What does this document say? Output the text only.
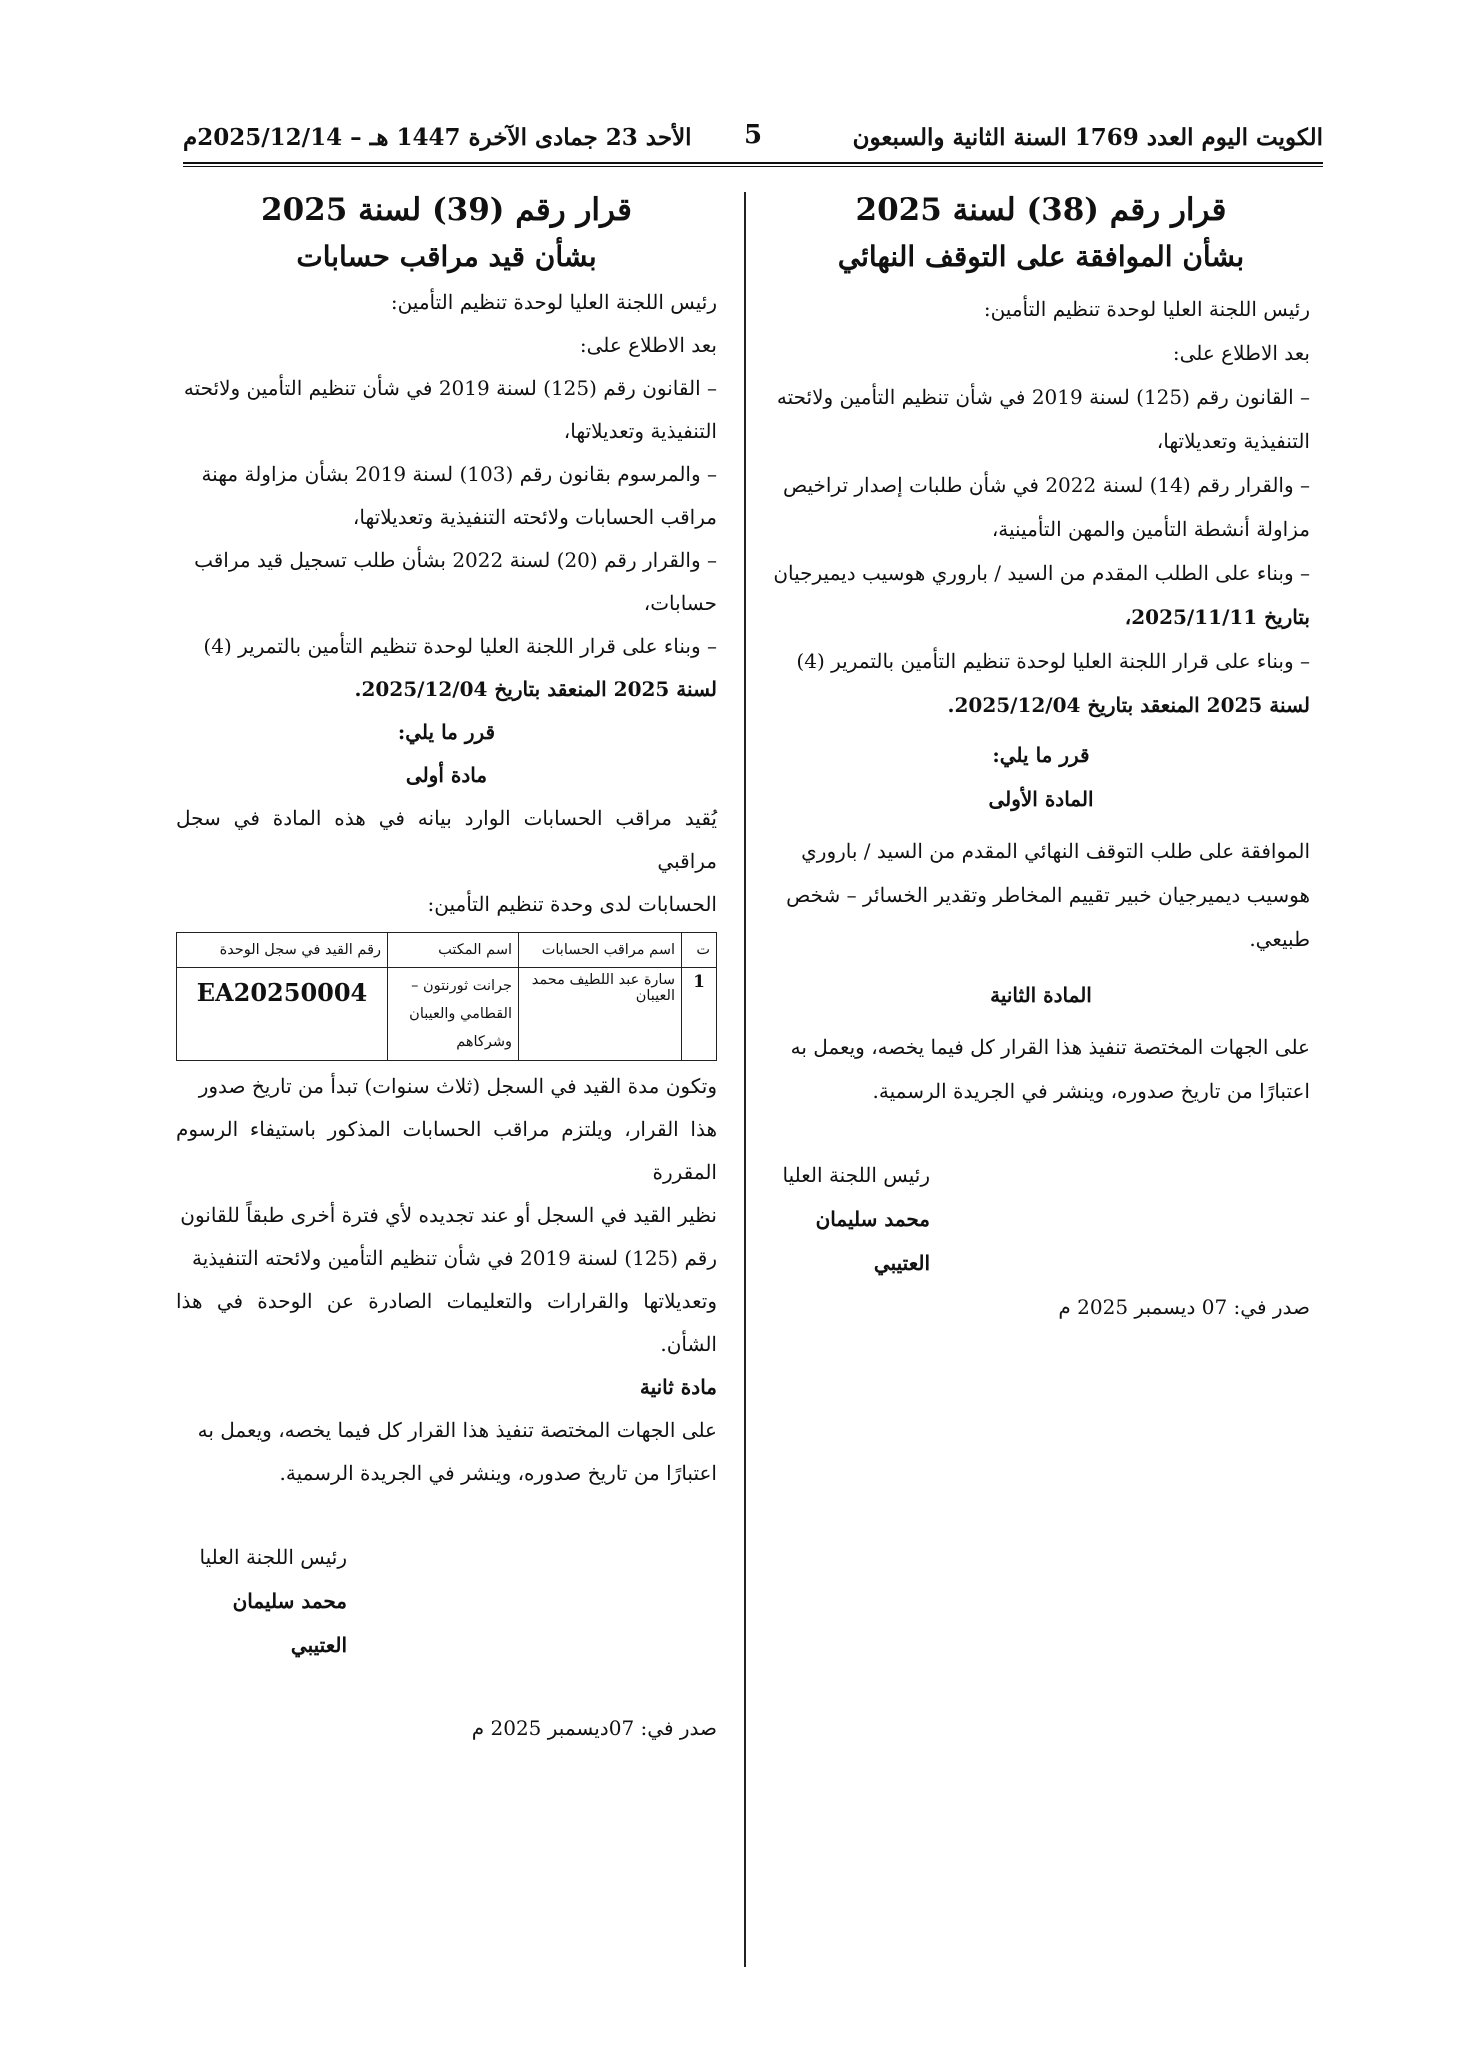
الكويت اليوم العدد 1769 السنة الثانية والسبعون
5
الأحد 23 جمادى الآخرة 1447 هـ – 2025/12/14م
قرار رقم (38) لسنة 2025
بشأن الموافقة على التوقف النهائي

رئيس اللجنة العليا لوحدة تنظيم التأمين:

بعد الاطلاع على:

– القانون رقم (125) لسنة 2019 في شأن تنظيم التأمين ولائحته

التنفيذية وتعديلاتها،

– والقرار رقم (14) لسنة 2022 في شأن طلبات إصدار تراخيص

مزاولة أنشطة التأمين والمهن التأمينية،

– وبناء على الطلب المقدم من السيد / باروري هوسيب ديميرجيان

بتاريخ 2025/11/11،

– وبناء على قرار اللجنة العليا لوحدة تنظيم التأمين بالتمرير (4)

لسنة 2025 المنعقد بتاريخ 2025/12/04.

قرر ما يلي:

المادة الأولى

الموافقة على طلب التوقف النهائي المقدم من السيد / باروري

هوسيب ديميرجيان خبير تقييم المخاطر وتقدير الخسائر – شخص

طبيعي.

المادة الثانية

على الجهات المختصة تنفيذ هذا القرار كل فيما يخصه، ويعمل به

اعتبارًا من تاريخ صدوره، وينشر في الجريدة الرسمية.

رئيس اللجنة العليا

محمد سليمان العتيبي

صدر في: 07 ديسمبر 2025 م

قرار رقم (39) لسنة 2025
بشأن قيد مراقب حسابات

رئيس اللجنة العليا لوحدة تنظيم التأمين:

بعد الاطلاع على:

– القانون رقم (125) لسنة 2019 في شأن تنظيم التأمين ولائحته

التنفيذية وتعديلاتها،

– والمرسوم بقانون رقم (103) لسنة 2019 بشأن مزاولة مهنة

مراقب الحسابات ولائحته التنفيذية وتعديلاتها،

– والقرار رقم (20) لسنة 2022 بشأن طلب تسجيل قيد مراقب

حسابات،

– وبناء على قرار اللجنة العليا لوحدة تنظيم التأمين بالتمرير (4)

لسنة 2025 المنعقد بتاريخ 2025/12/04.

قرر ما يلي:

مادة أولى

يُقيد مراقب الحسابات الوارد بيانه في هذه المادة في سجل مراقبي

الحسابات لدى وحدة تنظيم التأمين:

ت	اسم مراقب الحسابات	اسم المكتب	رقم القيد في سجل الوحدة
1	سارة عبد اللطيف محمد العيبان	جرانت ثورنتون – القطامي والعيبان وشركاهم	EA20250004

وتكون مدة القيد في السجل (ثلاث سنوات) تبدأ من تاريخ صدور

هذا القرار، ويلتزم مراقب الحسابات المذكور باستيفاء الرسوم المقررة

نظير القيد في السجل أو عند تجديده لأي فترة أخرى طبقاً للقانون

رقم (125) لسنة 2019 في شأن تنظيم التأمين ولائحته التنفيذية

وتعديلاتها والقرارات والتعليمات الصادرة عن الوحدة في هذا الشأن.

مادة ثانية

على الجهات المختصة تنفيذ هذا القرار كل فيما يخصه، ويعمل به

اعتبارًا من تاريخ صدوره، وينشر في الجريدة الرسمية.

رئيس اللجنة العليا

محمد سليمان العتيبي

صدر في: 07ديسمبر 2025 م
